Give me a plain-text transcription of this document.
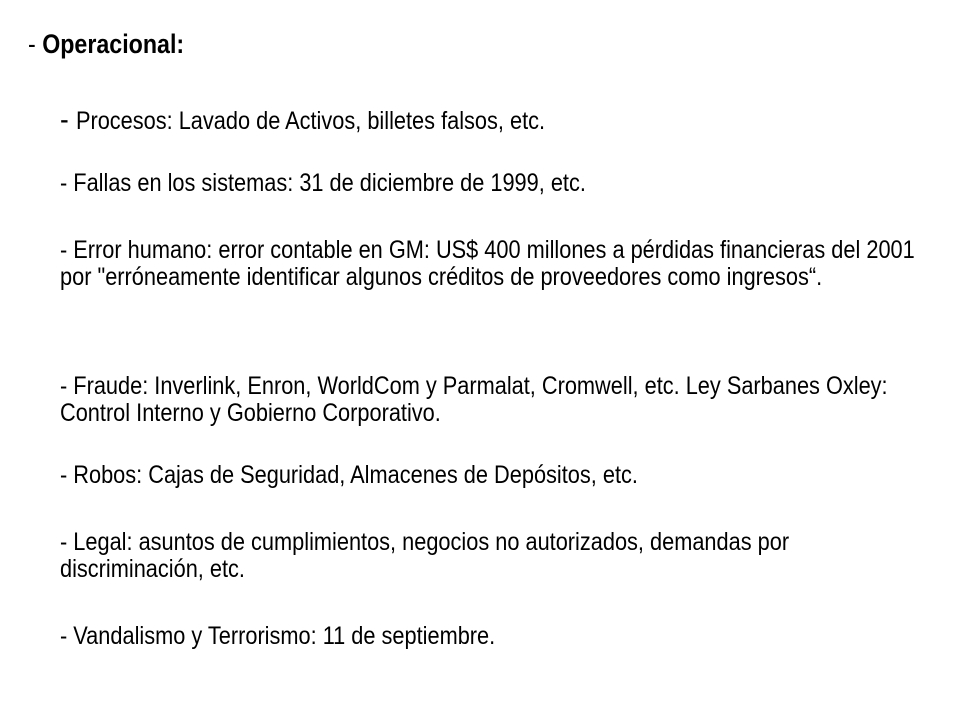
- Operacional:
- Procesos: Lavado de Activos, billetes falsos, etc.
- Fallas en los sistemas: 31 de diciembre de 1999, etc.
- Error humano: error contable en GM: US$ 400 millones a pérdidas financieras del 2001 por "erróneamente identificar algunos créditos de proveedores como ingresos“.
- Fraude: Inverlink, Enron, WorldCom y Parmalat, Cromwell, etc. Ley Sarbanes Oxley: Control Interno y Gobierno Corporativo.
- Robos: Cajas de Seguridad, Almacenes de Depósitos, etc.
- Legal: asuntos de cumplimientos, negocios no autorizados, demandas por discriminación, etc.
- Vandalismo y Terrorismo: 11 de septiembre.
